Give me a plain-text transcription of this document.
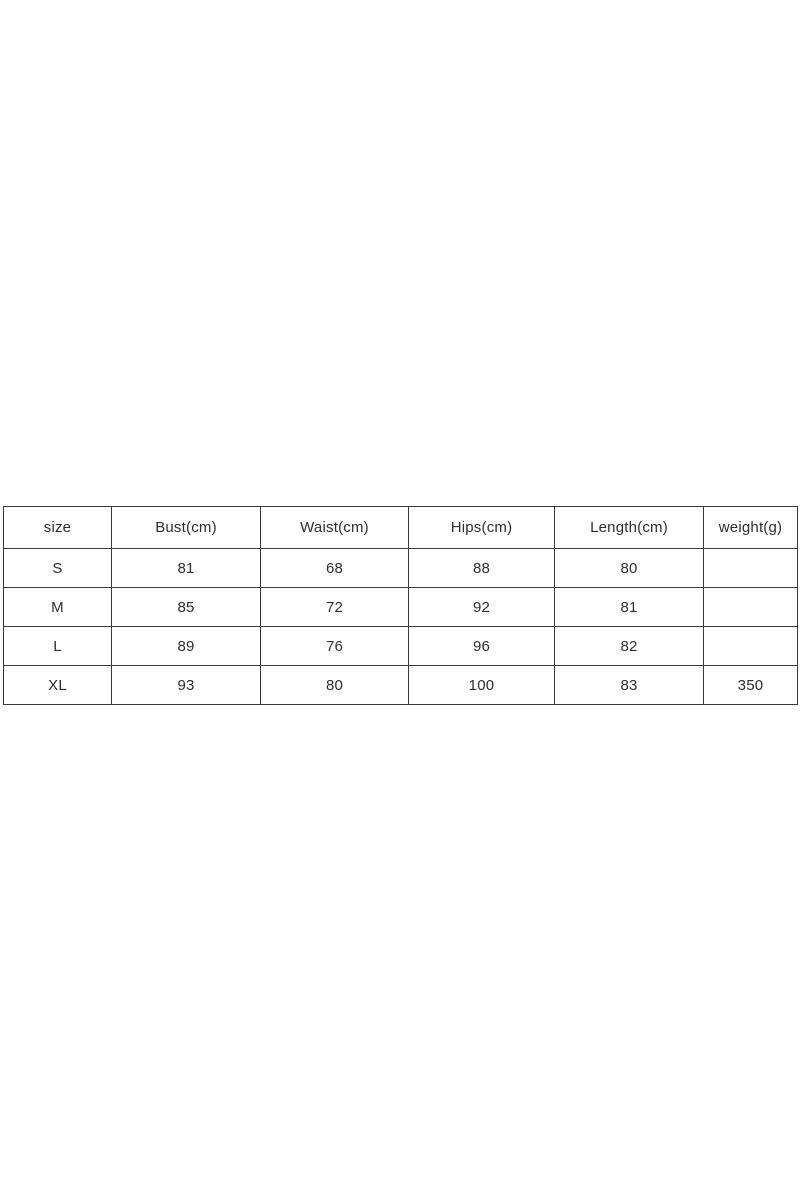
size	Bust(cm)	Waist(cm)	Hips(cm)	Length(cm)	weight(g)
S	81	68	88	80	
M	85	72	92	81	
L	89	76	96	82	
XL	93	80	100	83	350
